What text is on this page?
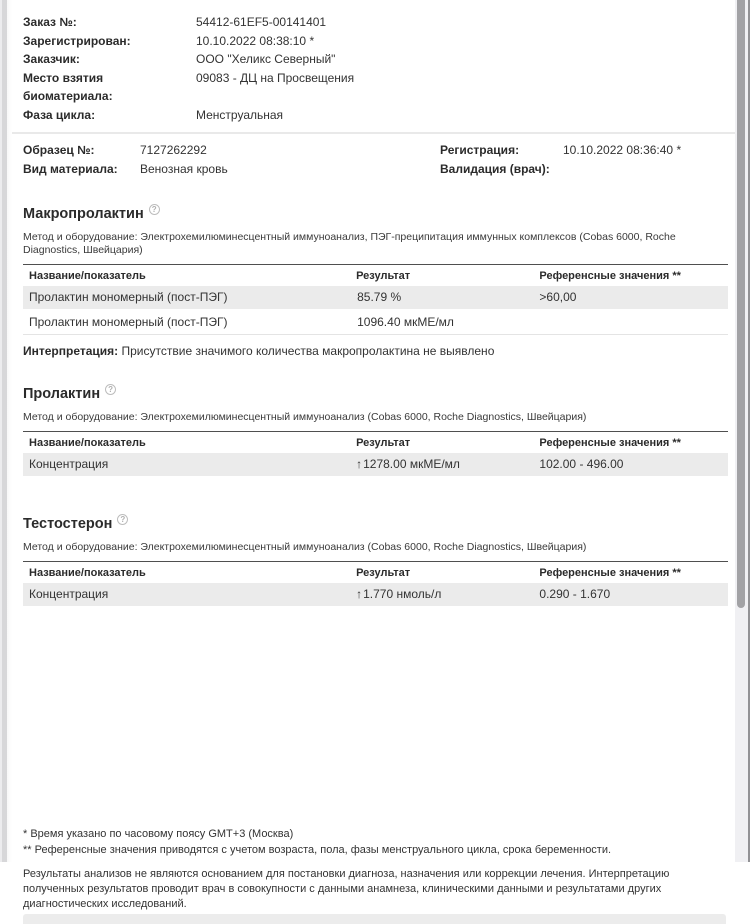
Заказ №:	54412-61EF5-00141401
Зарегистрирован:	10.10.2022 08:38:10 *
Заказчик:	ООО "Хеликс Северный"
Место взятия биоматериала:
09083 - ДЦ на Просвещения
Фаза цикла:	Менструальная
Образец №:	7127262292
Вид материала:	Венозная кровь
Регистрация:	10.10.2022 08:36:40 *
Валидация (врач):
Макропролактин ?
Метод и оборудование: Электрохемилюминесцентный иммуноанализ, ПЭГ-преципитация иммунных комплексов (Cobas 6000, Roche Diagnostics, Швейцария)
Название/показатель	Результат	Референсные значения **
Пролактин мономерный (пост-ПЭГ)	85.79 %	>60,00
Пролактин мономерный (пост-ПЭГ)	1096.40 мкМЕ/мл
Интерпретация: Присутствие значимого количества макропролактина не выявлено
Пролактин ?
Метод и оборудование: Электрохемилюминесцентный иммуноанализ (Cobas 6000, Roche Diagnostics, Швейцария)
Название/показатель	Результат	Референсные значения **
Концентрация	↑1278.00 мкМЕ/мл	102.00 - 496.00
Тестостерон ?
Метод и оборудование: Электрохемилюминесцентный иммуноанализ (Cobas 6000, Roche Diagnostics, Швейцария)
Название/показатель	Результат	Референсные значения **
Концентрация	↑1.770 нмоль/л	0.290 - 1.670
* Время указано по часовому поясу GMT+3 (Москва)
** Референсные значения приводятся с учетом возраста, пола, фазы менструального цикла, срока беременности.
Результаты анализов не являются основанием для постановки диагноза, назначения или коррекции лечения. Интерпретацию полученных результатов проводит врач в совокупности с данными анамнеза, клиническими данными и результатами других диагностических исследований.
